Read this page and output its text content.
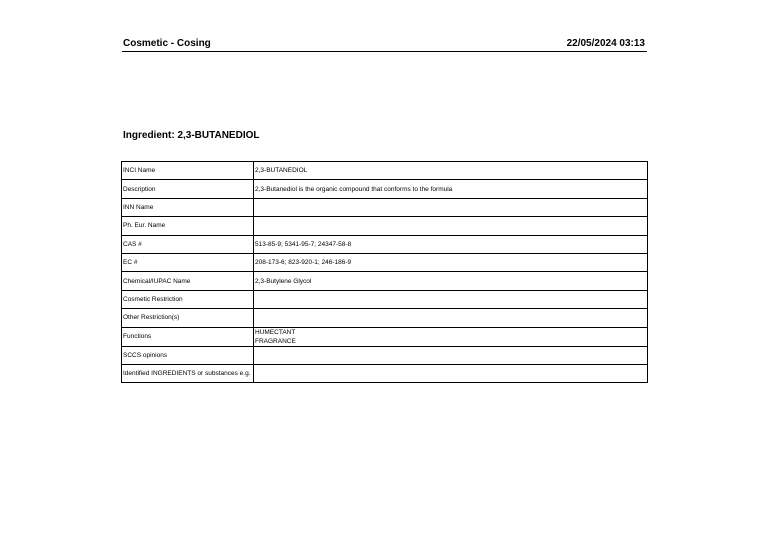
Cosmetic - Cosing	22/05/2024 03:13
Ingredient: 2,3-BUTANEDIOL
INCI Name	2,3-BUTANEDIOL
Description	2,3-Butanediol is the organic compound that conforms to the formula
INN Name	
Ph. Eur. Name	
CAS #	513-85-9; 5341-95-7; 24347-58-8
EC #	208-173-6; 823-920-1; 246-186-9
Chemical/IUPAC Name	2,3-Butylene Glycol
Cosmetic Restriction	
Other Restriction(s)	
Functions	HUMECTANT
FRAGRANCE

SCCS opinions	

Identified INGREDIENTS or substances e.g.	
